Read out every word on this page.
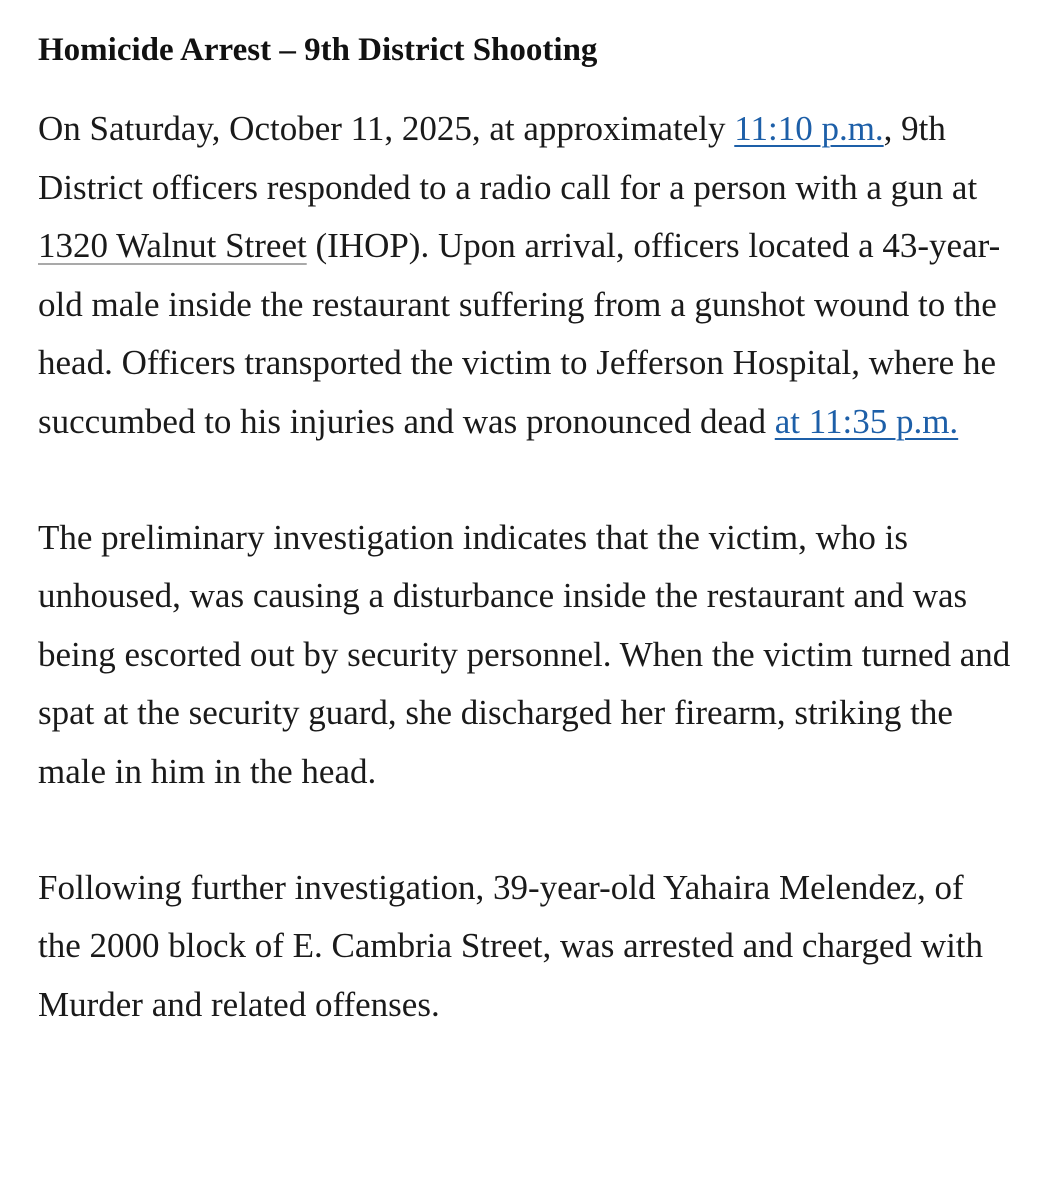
Homicide Arrest – 9th District Shooting

On Saturday, October 11, 2025, at approximately 11:10 p.m., 9th District officers responded to a radio call for a person with a gun at 1320 Walnut Street (IHOP). Upon arrival, officers located a 43-year-old male inside the restaurant suffering from a gunshot wound to the head. Officers transported the victim to Jefferson Hospital, where he succumbed to his injuries and was pronounced dead at 11:35 p.m.

The preliminary investigation indicates that the victim, who is unhoused, was causing a disturbance inside the restaurant and was being escorted out by security personnel. When the victim turned and spat at the security guard, she discharged her firearm, striking the male in him in the head.

Following further investigation, 39-year-old Yahaira Melendez, of the 2000 block of E. Cambria Street, was arrested and charged with Murder and related offenses.
